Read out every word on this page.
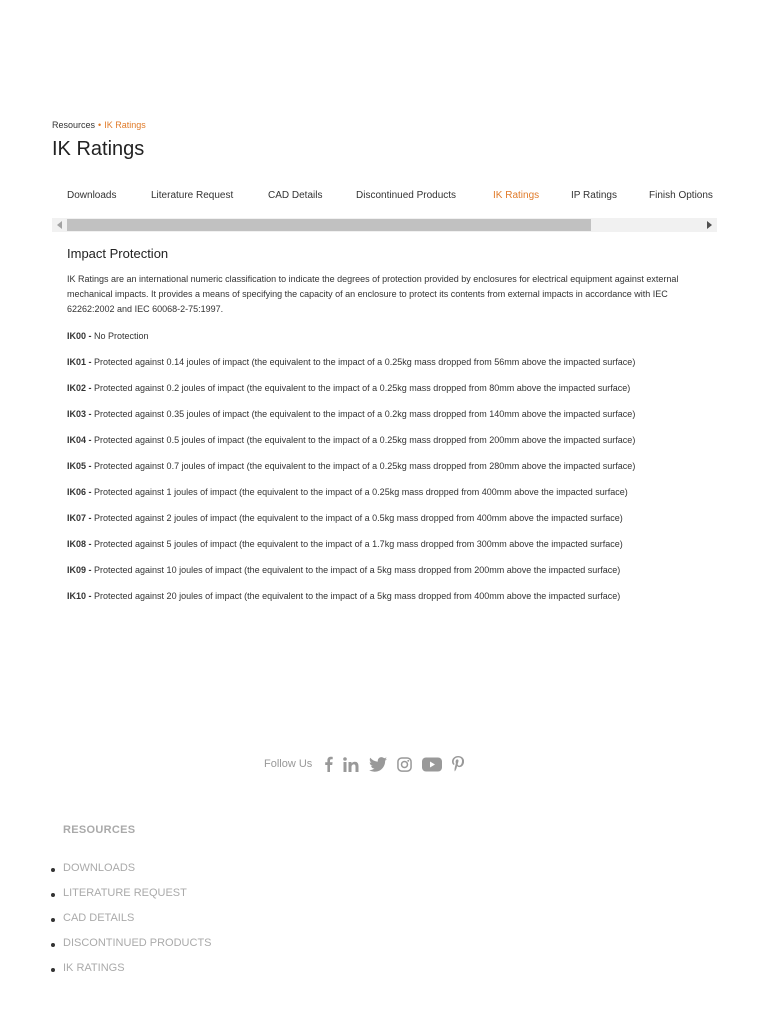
Resources • IK Ratings
IK Ratings
Downloads	Literature Request	CAD Details	Discontinued Products	IK Ratings	IP Ratings	Finish Options
Impact Protection

IK Ratings are an international numeric classification to indicate the degrees of protection provided by enclosures for electrical equipment against external mechanical impacts. It provides a means of specifying the capacity of an enclosure to protect its contents from external impacts in accordance with IEC 62262:2002 and IEC 60068-2-75:1997.

IK00 - No Protection

IK01 - Protected against 0.14 joules of impact (the equivalent to the impact of a 0.25kg mass dropped from 56mm above the impacted surface)

IK02 - Protected against 0.2 joules of impact (the equivalent to the impact of a 0.25kg mass dropped from 80mm above the impacted surface)

IK03 - Protected against 0.35 joules of impact (the equivalent to the impact of a 0.2kg mass dropped from 140mm above the impacted surface)

IK04 - Protected against 0.5 joules of impact (the equivalent to the impact of a 0.25kg mass dropped from 200mm above the impacted surface)

IK05 - Protected against 0.7 joules of impact (the equivalent to the impact of a 0.25kg mass dropped from 280mm above the impacted surface)

IK06 - Protected against 1 joules of impact (the equivalent to the impact of a 0.25kg mass dropped from 400mm above the impacted surface)

IK07 - Protected against 2 joules of impact (the equivalent to the impact of a 0.5kg mass dropped from 400mm above the impacted surface)

IK08 - Protected against 5 joules of impact (the equivalent to the impact of a 1.7kg mass dropped from 300mm above the impacted surface)

IK09 - Protected against 10 joules of impact (the equivalent to the impact of a 5kg mass dropped from 200mm above the impacted surface)

IK10 - Protected against 20 joules of impact (the equivalent to the impact of a 5kg mass dropped from 400mm above the impacted surface)

Follow Us
RESOURCES
DOWNLOADS
LITERATURE REQUEST
CAD DETAILS
DISCONTINUED PRODUCTS
IK RATINGS
